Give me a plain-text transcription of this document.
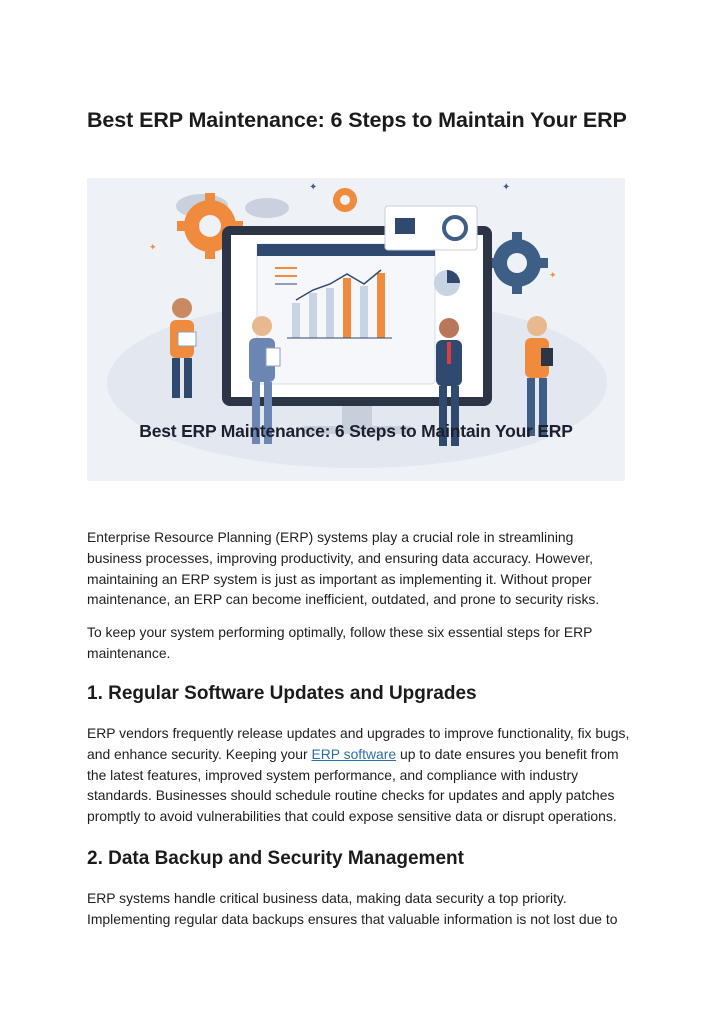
Best ERP Maintenance: 6 Steps to Maintain Your ERP
✦	✦
✦
✦
Best ERP Maintenance: 6 Steps to Maintain Your ERP

Enterprise Resource Planning (ERP) systems play a crucial role in streamlining business processes, improving productivity, and ensuring data accuracy. However, maintaining an ERP system is just as important as implementing it. Without proper maintenance, an ERP can become inefficient, outdated, and prone to security risks.

To keep your system performing optimally, follow these six essential steps for ERP maintenance.

1. Regular Software Updates and Upgrades

ERP vendors frequently release updates and upgrades to improve functionality, fix bugs, and enhance security. Keeping your ERP software up to date ensures you benefit from the latest features, improved system performance, and compliance with industry standards. Businesses should schedule routine checks for updates and apply patches promptly to avoid vulnerabilities that could expose sensitive data or disrupt operations.

2. Data Backup and Security Management

ERP systems handle critical business data, making data security a top priority. Implementing regular data backups ensures that valuable information is not lost due to
